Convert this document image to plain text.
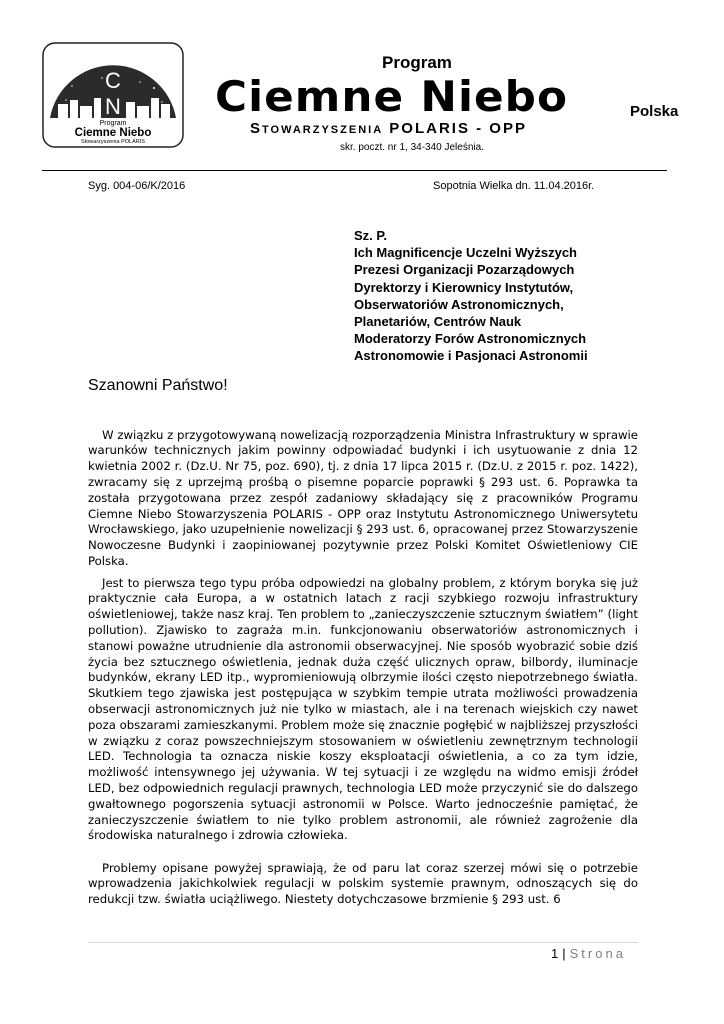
C
N
Program
Ciemne Niebo
Stowarzyszenia POLARIS
Program
Ciemne Niebo	Polska
Stowarzyszenia POLARIS - OPP
skr. poczt. nr 1, 34-340 Jeleśnia.
Syg. 004-06/K/2016	Sopotnia Wielka dn. 11.04.2016r.
Sz. P.
Ich Magnificencje Uczelni Wyższych
Prezesi Organizacji Pozarządowych
Dyrektorzy i Kierownicy Instytutów,
Obserwatoriów Astronomicznych,
Planetariów, Centrów Nauk
Moderatorzy Forów Astronomicznych
Astronomowie i Pasjonaci Astronomii
Szanowni Państwo!

W związku z przygotowywaną nowelizacją rozporządzenia Ministra Infrastruktury w sprawie warunków technicznych jakim powinny odpowiadać budynki i ich usytuowanie z dnia 12 kwietnia 2002 r. (Dz.U. Nr 75, poz. 690), tj. z dnia 17 lipca 2015 r. (Dz.U. z 2015 r. poz. 1422), zwracamy się z uprzejmą prośbą o pisemne poparcie poprawki § 293 ust. 6. Poprawka ta została przygotowana przez zespół zadaniowy składający się z pracowników Programu Ciemne Niebo Stowarzyszenia POLARIS - OPP oraz Instytutu Astronomicznego Uniwersytetu Wrocławskiego, jako uzupełnienie nowelizacji § 293 ust. 6, opracowanej przez Stowarzyszenie Nowoczesne Budynki i zaopiniowanej pozytywnie przez Polski Komitet Oświetleniowy CIE Polska.

Jest to pierwsza tego typu próba odpowiedzi na globalny problem, z którym boryka się już praktycznie cała Europa, a w ostatnich latach z racji szybkiego rozwoju infrastruktury oświetleniowej, także nasz kraj. Ten problem to „zanieczyszczenie sztucznym światłem” (light pollution). Zjawisko to zagraża m.in. funkcjonowaniu obserwatoriów astronomicznych i stanowi poważne utrudnienie dla astronomii obserwacyjnej. Nie sposób wyobrazić sobie dziś życia bez sztucznego oświetlenia, jednak duża część ulicznych opraw, bilbordy, iluminacje budynków, ekrany LED itp., wypromieniowują olbrzymie ilości często niepotrzebnego światła. Skutkiem tego zjawiska jest postępująca w szybkim tempie utrata możliwości prowadzenia obserwacji astronomicznych już nie tylko w miastach, ale i na terenach wiejskich czy nawet poza obszarami zamieszkanymi. Problem może się znacznie pogłębić w najbliższej przyszłości w związku z coraz powszechniejszym stosowaniem w oświetleniu zewnętrznym technologii LED. Technologia ta oznacza niskie koszy eksploatacji oświetlenia, a co za tym idzie, możliwość intensywnego jej używania. W tej sytuacji i ze względu na widmo emisji źródeł LED, bez odpowiednich regulacji prawnych, technologia LED może przyczynić sie do dalszego gwałtownego pogorszenia sytuacji astronomii w Polsce. Warto jednocześnie pamiętać, że zanieczyszczenie światłem to nie tylko problem astronomii, ale również zagrożenie dla środowiska naturalnego i zdrowia człowieka.

Problemy opisane powyżej sprawiają, że od paru lat coraz szerzej mówi się o potrzebie wprowadzenia jakichkolwiek regulacji w polskim systemie prawnym, odnoszących się do redukcji tzw. światła uciążliwego. Niestety dotychczasowe brzmienie § 293 ust. 6

1 | Strona
